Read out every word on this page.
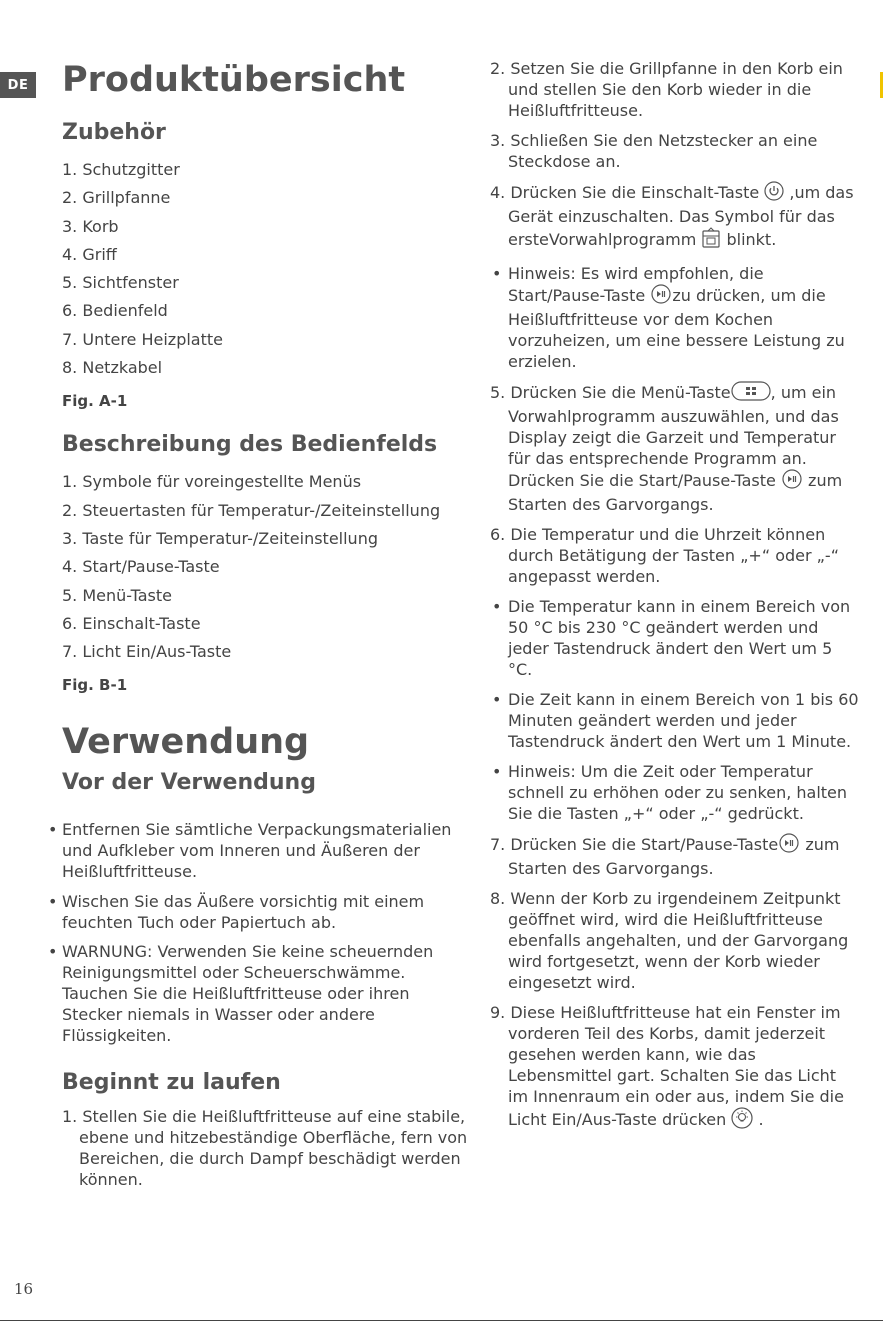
DE Produktübersicht
Zubehör
1. Schutzgitter
2. Grillpfanne
3. Korb
4. Griff
5. Sichtfenster
6. Bedienfeld
7. Untere Heizplatte
8. Netzkabel
Fig. A-1
Beschreibung des Bedienfelds
1. Symbole für voreingestellte Menüs
2. Steuertasten für Temperatur-/Zeiteinstellung
3. Taste für Temperatur-/Zeiteinstellung
4. Start/Pause-Taste
5. Menü-Taste
6. Einschalt-Taste
7. Licht Ein/Aus-Taste
Fig. B-1
Verwendung
Vor der Verwendung
• Entfernen Sie sämtliche Verpackungsmaterialien und Aufkleber vom Inneren und Äußeren der Heißluftfritteuse.
• Wischen Sie das Äußere vorsichtig mit einem feuchten Tuch oder Papiertuch ab.
• WARNUNG: Verwenden Sie keine scheuernden Reinigungsmittel oder Scheuerschwämme. Tauchen Sie die Heißluftfritteuse oder ihren Stecker niemals in Wasser oder andere Flüssigkeiten.
Beginnt zu laufen
1. Stellen Sie die Heißluftfritteuse auf eine stabile, ebene und hitzebeständige Oberfläche, fern von Bereichen, die durch Dampf beschädigt werden können.
2. Setzen Sie die Grillpfanne in den Korb ein und stellen Sie den Korb wieder in die Heißluftfritteuse.
3. Schließen Sie den Netzstecker an eine Steckdose an.
4. Drücken Sie die Einschalt-Taste  ,um das Gerät einzuschalten. Das Symbol für das ersteVorwahlprogramm  blinkt.
• Hinweis: Es wird empfohlen, die Start/Pause-Taste zu drücken, um die Heißluftfritteuse vor dem Kochen vorzuheizen, um eine bessere Leistung zu erzielen.
5. Drücken Sie die Menü-Taste	, um ein Vorwahlprogramm auszuwählen, und das Display zeigt die Garzeit und Temperatur für das entsprechende Programm an. Drücken Sie die Start/Pause-Taste  zum Starten des Garvorgangs.
6. Die Temperatur und die Uhrzeit können durch Betätigung der Tasten „+“ oder „-“ angepasst werden.
• Die Temperatur kann in einem Bereich von 50 °C bis 230 °C geändert werden und jeder Tastendruck ändert den Wert um 5 °C.
• Die Zeit kann in einem Bereich von 1 bis 60 Minuten geändert werden und jeder Tastendruck ändert den Wert um 1 Minute.
• Hinweis: Um die Zeit oder Temperatur schnell zu erhöhen oder zu senken, halten Sie die Tasten „+“ oder „-“ gedrückt.
7. Drücken Sie die Start/Pause-Taste zum Starten des Garvorgangs.
8. Wenn der Korb zu irgendeinem Zeitpunkt geöffnet wird, wird die Heißluftfritteuse ebenfalls angehalten, und der Garvorgang wird fortgesetzt, wenn der Korb wieder eingesetzt wird.
9. Diese Heißluftfritteuse hat ein Fenster im vorderen Teil des Korbs, damit jederzeit gesehen werden kann, wie das Lebensmittel gart. Schalten Sie das Licht im Innenraum ein oder aus, indem Sie die Licht Ein/Aus-Taste drücken  .
16
